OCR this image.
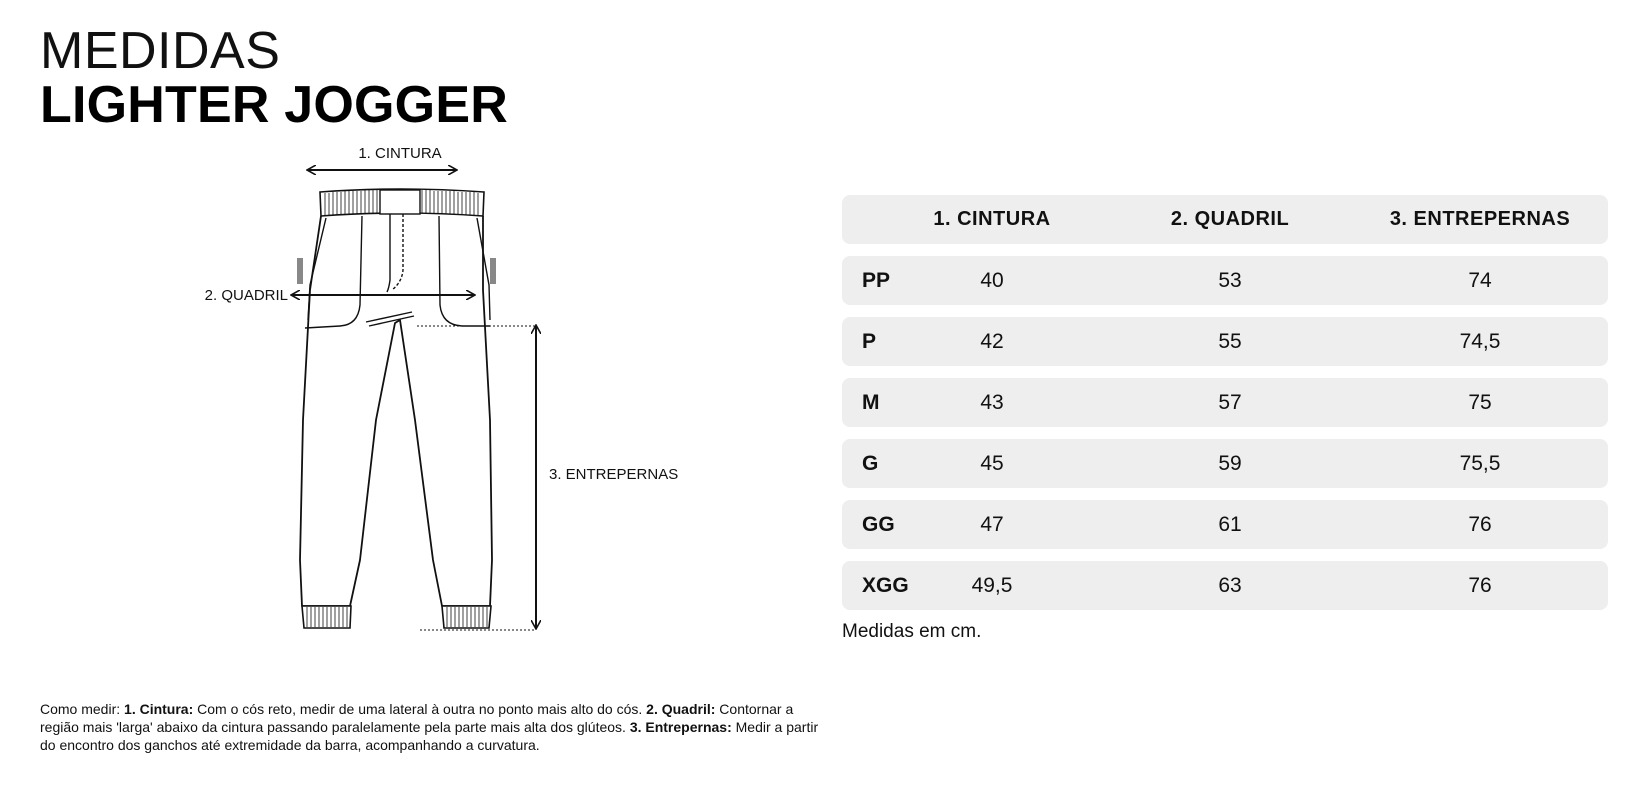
MEDIDAS
LIGHTER JOGGER
1. CINTURA
2. QUADRIL
3. ENTREPERNAS
1. CINTURA	2. QUADRIL	3. ENTREPERNAS
PP	40	53	74
P	42	55	74,5
M	43	57	75
G	45	59	75,5
GG	47	61	76
XGG	49,5	63	76
Medidas em cm.
Como medir: 1. Cintura: Com o cós reto, medir de uma lateral à outra no ponto mais alto do cós. 2. Quadril: Contornar a região mais 'larga' abaixo da cintura passando paralelamente pela parte mais alta dos glúteos. 3. Entrepernas: Medir a partir do encontro dos ganchos até extremidade da barra, acompanhando a curvatura.
